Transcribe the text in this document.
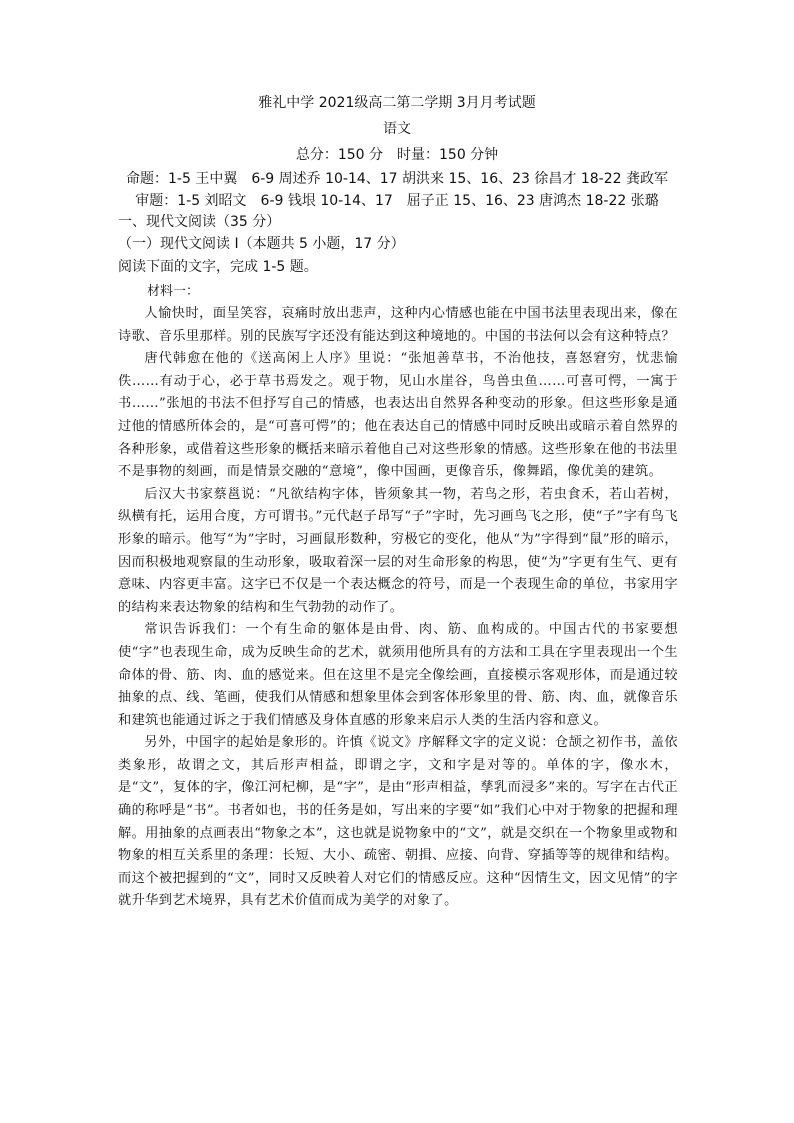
雅礼中学 2021级高二第二学期 3月月考试题
语文
总分：150 分　时量：150 分钟
命题：1-5 王中翼　6-9 周述乔 10-14、17 胡洪来 15、16、23 徐昌才 18-22 龚政军
审题：1-5 刘昭文　6-9 钱垠 10-14、17　屈子正 15、16、23 唐鸿杰 18-22 张璐
一、现代文阅读（35 分）
（一）现代文阅读 I（本题共 5 小题，17 分）
阅读下面的文字，完成 1-5 题。
材料一：

人愉快时，面呈笑容，哀痛时放出悲声，这种内心情感也能在中国书法里表现出来，像在诗歌、音乐里那样。别的民族写字还没有能达到这种境地的。中国的书法何以会有这种特点？

唐代韩愈在他的《送高闲上人序》里说：“张旭善草书，不治他技，喜怒窘穷，忧悲愉佚……有动于心，必于草书焉发之。观于物，见山水崖谷，鸟兽虫鱼……可喜可愕，一寓于书……”张旭的书法不但抒写自己的情感，也表达出自然界各种变动的形象。但这些形象是通过他的情感所体会的，是“可喜可愕”的；他在表达自己的情感中同时反映出或暗示着自然界的各种形象，或借着这些形象的概括来暗示着他自己对这些形象的情感。这些形象在他的书法里不是事物的刻画，而是情景交融的“意境”，像中国画，更像音乐，像舞蹈，像优美的建筑。

后汉大书家蔡邕说：“凡欲结构字体，皆须象其一物，若鸟之形，若虫食禾，若山若树，纵横有托，运用合度，方可谓书。”元代赵子昂写“子”字时，先习画鸟飞之形，使“子”字有鸟飞形象的暗示。他写“为”字时，习画鼠形数种，穷极它的变化，他从“为”字得到“鼠”形的暗示，因而积极地观察鼠的生动形象，吸取着深一层的对生命形象的构思，使“为”字更有生气、更有意味、内容更丰富。这字已不仅是一个表达概念的符号，而是一个表现生命的单位，书家用字的结构来表达物象的结构和生气勃勃的动作了。

常识告诉我们：一个有生命的躯体是由骨、肉、筋、血构成的。中国古代的书家要想使“字”也表现生命，成为反映生命的艺术，就须用他所具有的方法和工具在字里表现出一个生命体的骨、筋、肉、血的感觉来。但在这里不是完全像绘画，直接模示客观形体，而是通过较抽象的点、线、笔画，使我们从情感和想象里体会到客体形象里的骨、筋、肉、血，就像音乐和建筑也能通过诉之于我们情感及身体直感的形象来启示人类的生活内容和意义。

另外，中国字的起始是象形的。许慎《说文》序解释文字的定义说：仓颉之初作书，盖依类象形，故谓之文，其后形声相益，即谓之字，文和字是对等的。单体的字，像水木，是“文”，复体的字，像江河杞柳，是“字”，是由“形声相益，孳乳而浸多”来的。写字在古代正确的称呼是“书”。书者如也，书的任务是如，写出来的字要“如”我们心中对于物象的把握和理解。用抽象的点画表出“物象之本”，这也就是说物象中的“文”，就是交织在一个物象里或物和物象的相互关系里的条理：长短、大小、疏密、朝揖、应接、向背、穿插等等的规律和结构。而这个被把握到的“文”，同时又反映着人对它们的情感反应。这种“因情生文，因文见情”的字就升华到艺术境界，具有艺术价值而成为美学的对象了。
